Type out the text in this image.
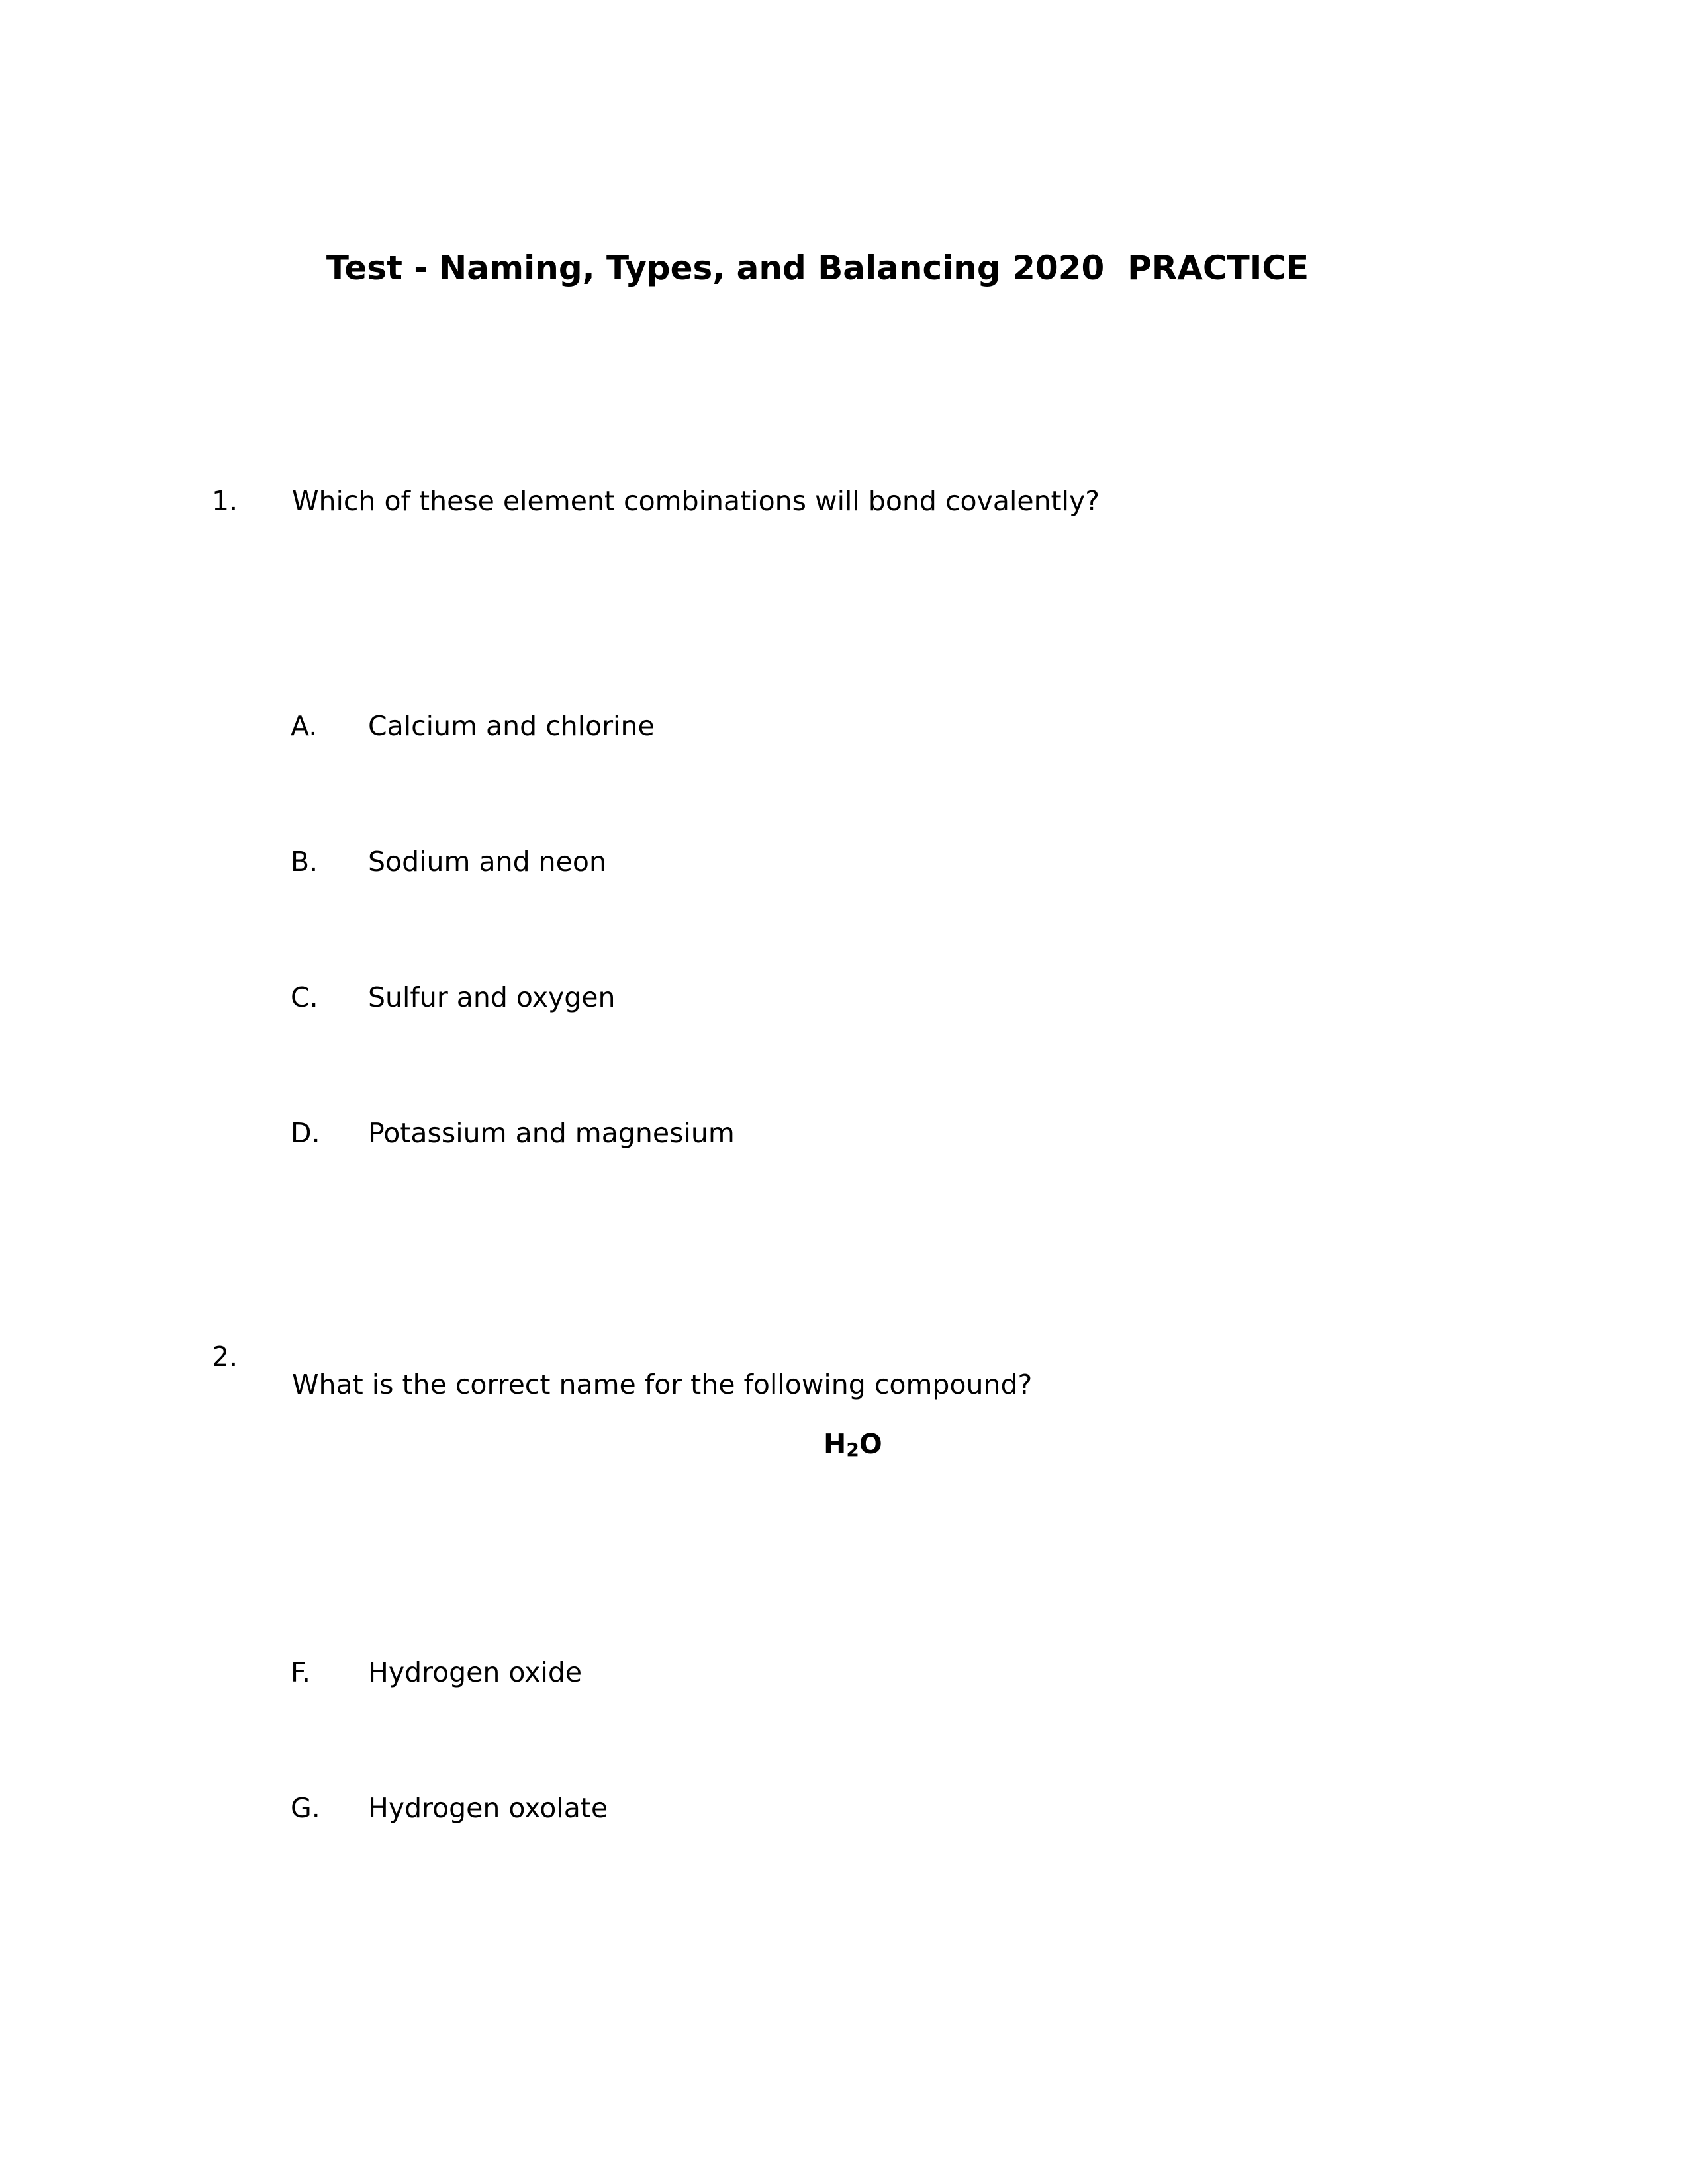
Test - Naming, Types, and Balancing 2020  PRACTICE
1. Which of these element combinations will bond covalently?
A. Calcium and chlorine
B. Sodium and neon
C. Sulfur and oxygen
D. Potassium and magnesium
2.
What is the correct name for the following compound?
H2O
F. Hydrogen oxide
G. Hydrogen oxolate
